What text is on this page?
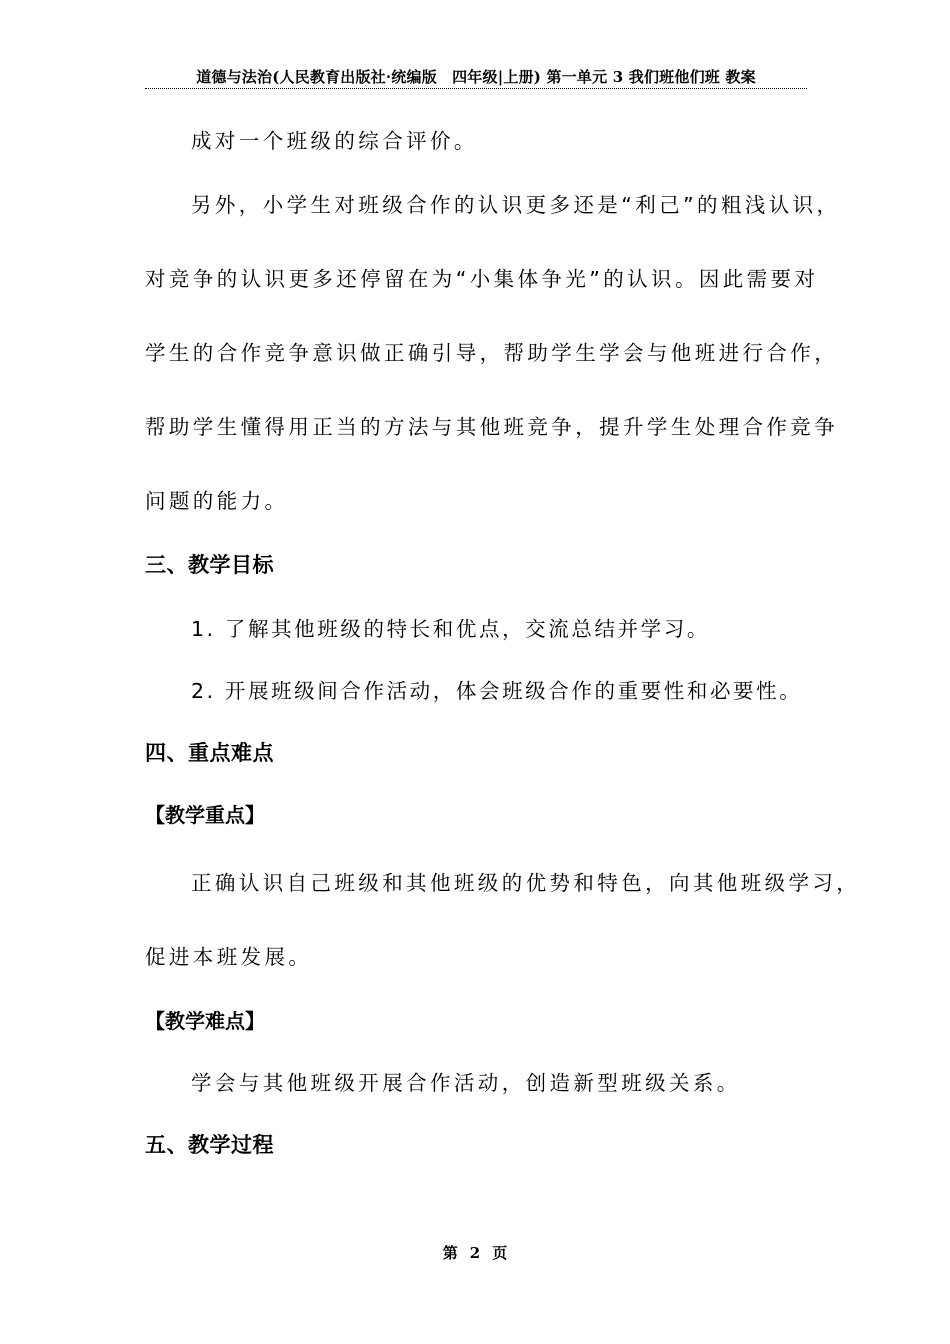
道德与法治(人民教育出版社·统编版　四年级|上册) 第一单元 3 我们班他们班 教案
成对一个班级的综合评价。
另外，小学生对班级合作的认识更多还是“利己”的粗浅认识，
对竞争的认识更多还停留在为“小集体争光”的认识。因此需要对
学生的合作竞争意识做正确引导，帮助学生学会与他班进行合作，
帮助学生懂得用正当的方法与其他班竞争，提升学生处理合作竞争
问题的能力。
三、教学目标
1. 了解其他班级的特长和优点，交流总结并学习。
2. 开展班级间合作活动，体会班级合作的重要性和必要性。
四、重点难点
【教学重点】
正确认识自己班级和其他班级的优势和特色，向其他班级学习，
促进本班发展。
【教学难点】
学会与其他班级开展合作活动，创造新型班级关系。
五、教学过程
第 2 页
